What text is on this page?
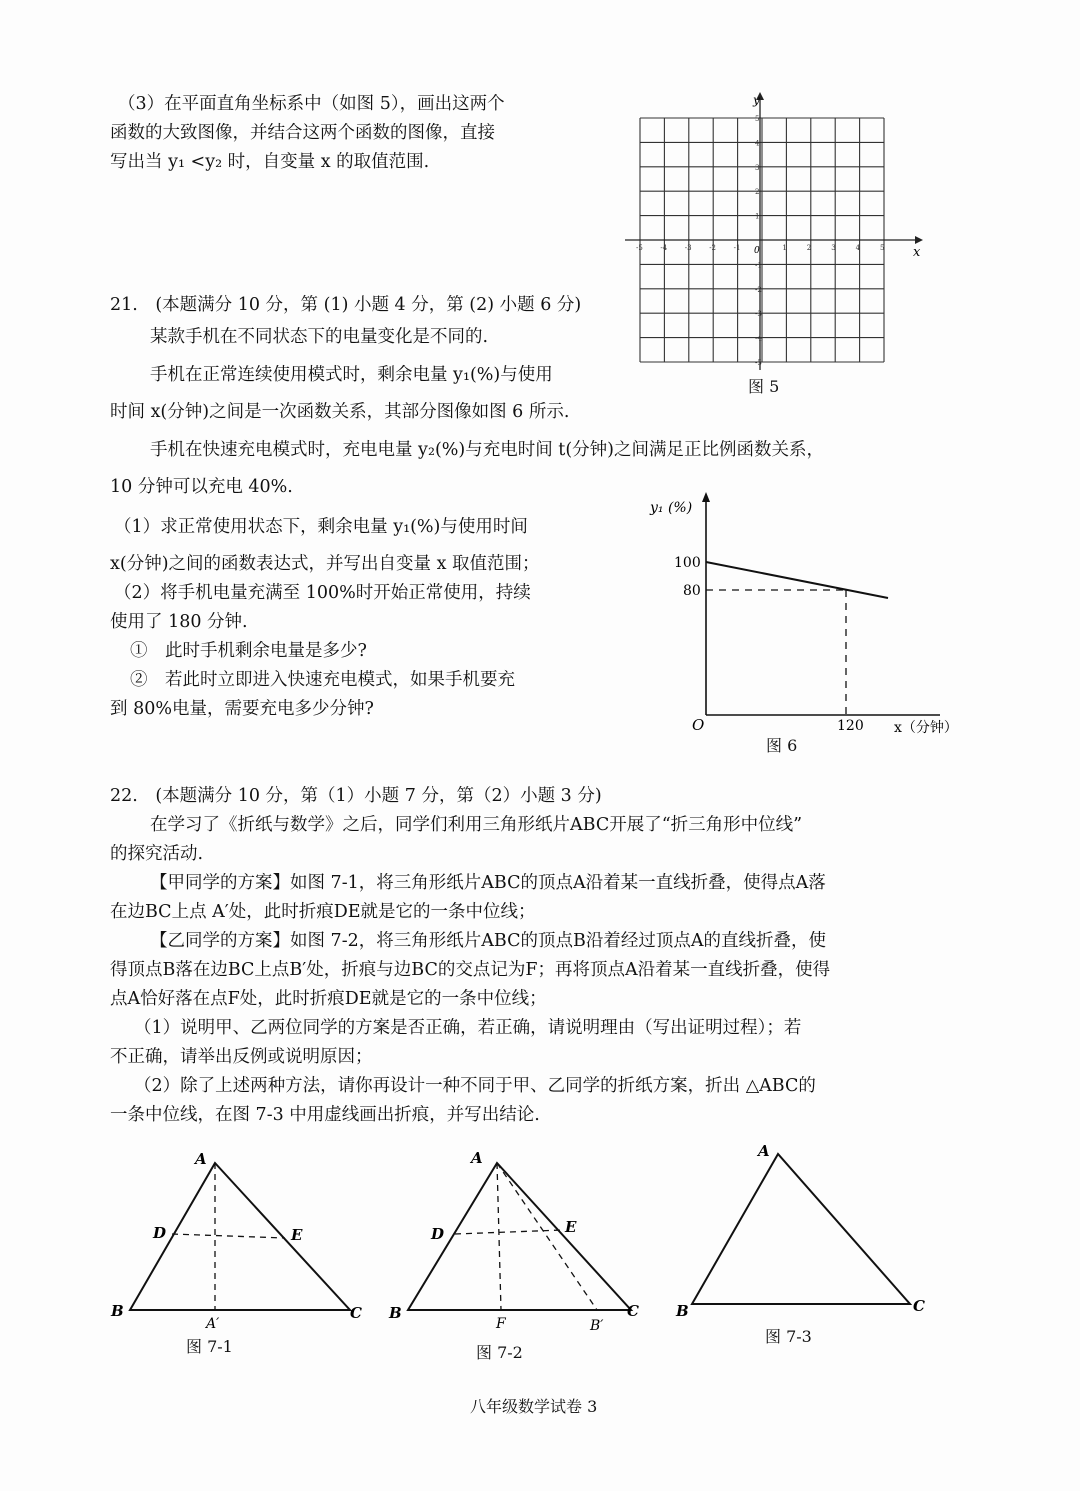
（3）在平面直角坐标系中（如图 5），画出这两个
函数的大致图像，并结合这两个函数的图像，直接
写出当 y₁ <y₂ 时，自变量 x 的取值范围.
x
y
0
-5	-4	-3	-2	-1	1	2	3	4	5
5
4
3
2
1
-1
-2
-3
-4
-5
图 5
21.　(本题满分 10 分，第 (1) 小题 4 分，第 (2) 小题 6 分)
某款手机在不同状态下的电量变化是不同的.
手机在正常连续使用模式时，剩余电量 y₁(%)与使用
时间 x(分钟)之间是一次函数关系，其部分图像如图 6 所示.
手机在快速充电模式时，充电电量 y₂(%)与充电时间 t(分钟)之间满足正比例函数关系，
10 分钟可以充电 40%.
（1）求正常使用状态下，剩余电量 y₁(%)与使用时间
x(分钟)之间的函数表达式，并写出自变量 x 取值范围；
（2）将手机电量充满至 100%时开始正常使用，持续
使用了 180 分钟.
①　此时手机剩余电量是多少?
②　若此时立即进入快速充电模式，如果手机要充
到 80%电量，需要充电多少分钟?
y₁ (%)
100
80
O	120 x（分钟）
图 6
22.　(本题满分 10 分，第（1）小题 7 分，第（2）小题 3 分)
在学习了《折纸与数学》之后，同学们利用三角形纸片ABC开展了“折三角形中位线”
的探究活动.
【甲同学的方案】如图 7-1，将三角形纸片ABC的顶点A沿着某一直线折叠，使得点A落
在边BC上点 A′处，此时折痕DE就是它的一条中位线；
【乙同学的方案】如图 7-2，将三角形纸片ABC的顶点B沿着经过顶点A的直线折叠，使
得顶点B落在边BC上点B′处，折痕与边BC的交点记为F；再将顶点A沿着某一直线折叠，使得
点A恰好落在点F处，此时折痕DE就是它的一条中位线；
（1）说明甲、乙两位同学的方案是否正确，若正确，请说明理由（写出证明过程）；若
不正确，请举出反例或说明原因；
（2）除了上述两种方法，请你再设计一种不同于甲、乙同学的折纸方案，折出 △ABC的
一条中位线，在图 7-3 中用虚线画出折痕，并写出结论.
A
B	C
D	E
A′
图 7-1
A
B	C
D	E
F	B′
图 7-2
A
B	C
图 7-3
八年级数学试卷 3
